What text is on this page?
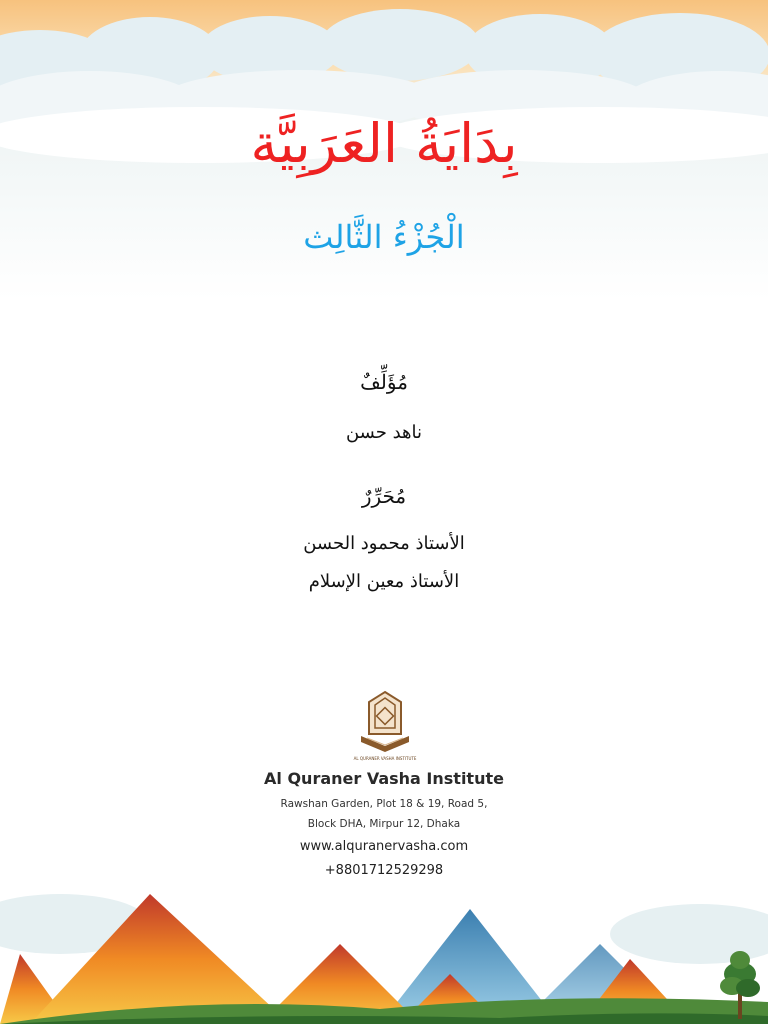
بِدَايَةُ العَرَبِيَّة
الْجُزْءُ الثَّالِث
مُؤَلِّفٌ
ناهد حسن
مُحَرِّرٌ
الأستاذ محمود الحسن
الأستاذ معين الإسلام
AL QURANER VASHA INSTITUTE
Al Quraner Vasha Institute
Rawshan Garden, Plot 18 & 19, Road 5,
Block DHA, Mirpur 12, Dhaka
www.alquranervasha.com
+8801712529298
